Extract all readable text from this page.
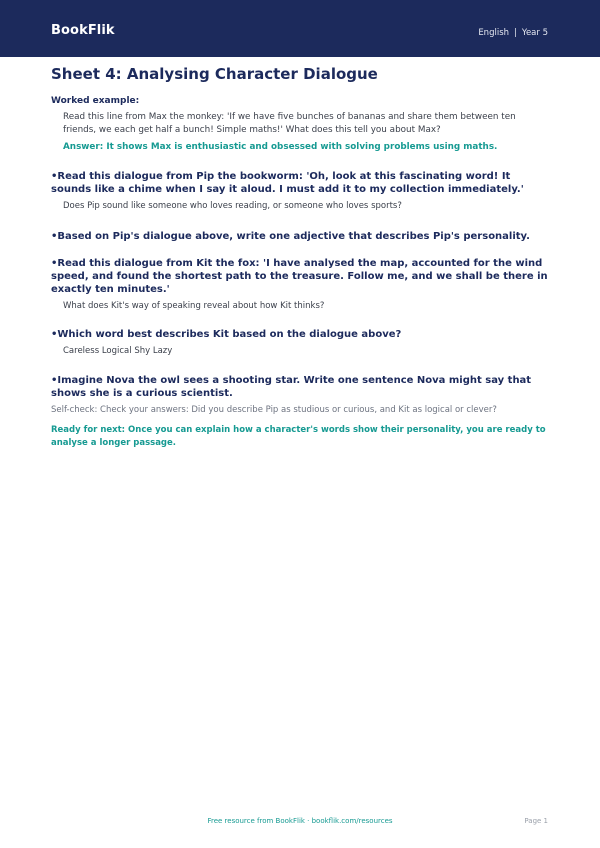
BookFlik	English | Year 5
Sheet 4: Analysing Character Dialogue
Worked example:
Read this line from Max the monkey: 'If we have five bunches of bananas and share them between ten friends, we each get half a bunch! Simple maths!' What does this tell you about Max?
Answer: It shows Max is enthusiastic and obsessed with solving problems using maths.
•Read this dialogue from Pip the bookworm: 'Oh, look at this fascinating word! It sounds like a chime when I say it aloud. I must add it to my collection immediately.'
Does Pip sound like someone who loves reading, or someone who loves sports?
•Based on Pip's dialogue above, write one adjective that describes Pip's personality.
•Read this dialogue from Kit the fox: 'I have analysed the map, accounted for the wind speed, and found the shortest path to the treasure. Follow me, and we shall be there in exactly ten minutes.'
What does Kit's way of speaking reveal about how Kit thinks?
•Which word best describes Kit based on the dialogue above?
Careless Logical Shy Lazy
•Imagine Nova the owl sees a shooting star. Write one sentence Nova might say that shows she is a curious scientist.
Self-check: Check your answers: Did you describe Pip as studious or curious, and Kit as logical or clever?
Ready for next: Once you can explain how a character's words show their personality, you are ready to analyse a longer passage.
Free resource from BookFlik · bookflik.com/resources	Page 1
